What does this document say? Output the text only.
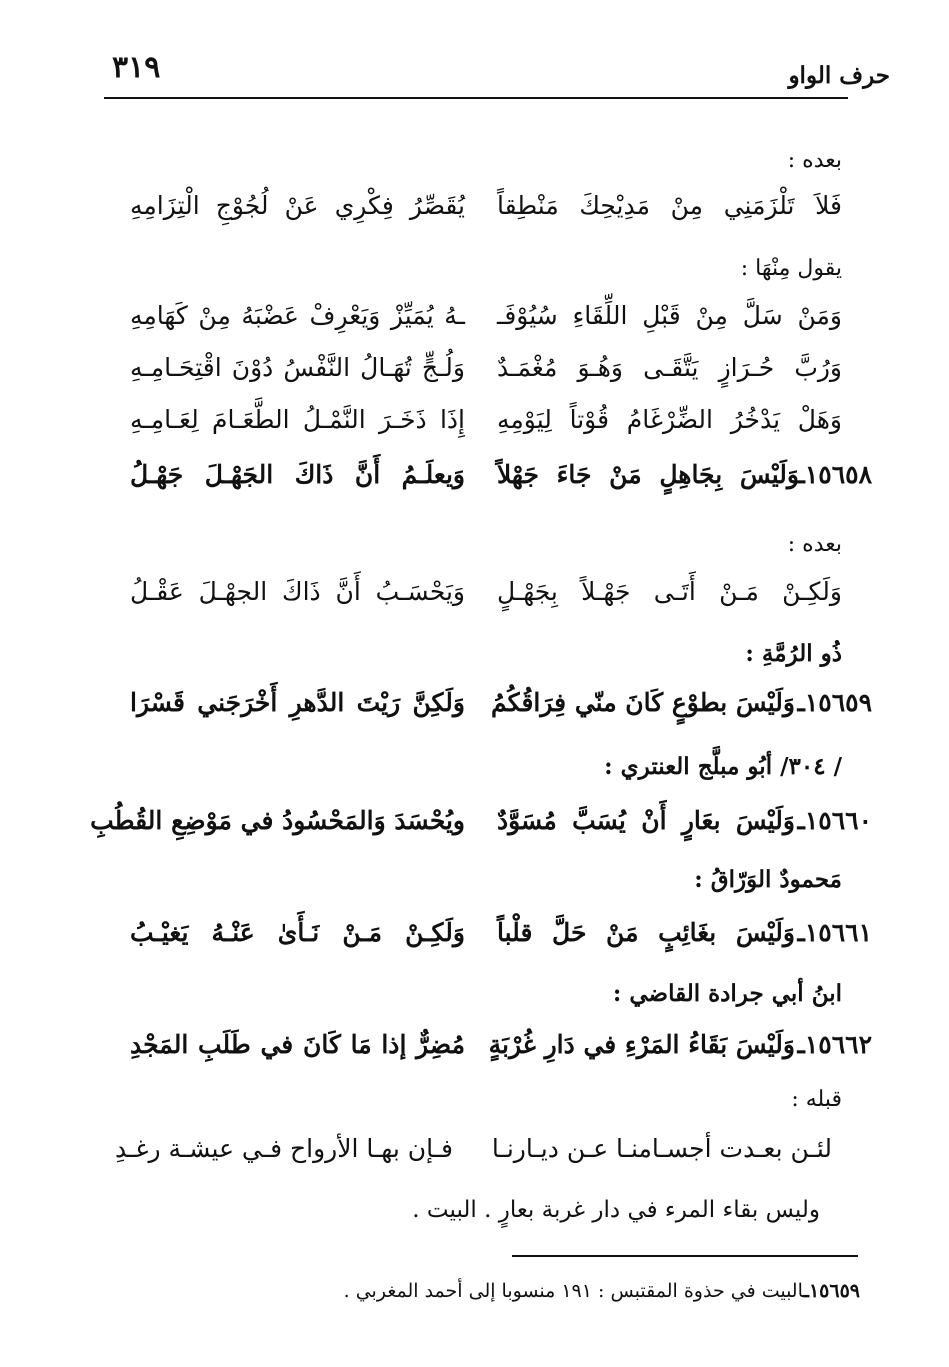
حرف الواو
٣١٩
بعده :
فَلاَ تَلْزَمَنِي مِنْ مَدِيْحِكَ مَنْطِقاً
يُقَصِّرُ فِكْرِي عَنْ لُجُوْجِ الْتِزَامِهِ
يقول مِنْهَا :
وَمَنْ سَلَّ مِنْ قَبْلِ اللِّقَاءِ سُيُوْفَـ
ـهُ يُمَيِّزْ وَيَعْرِفْ عَضْبَهُ مِنْ كَهَامِهِ
وَرُبَّ حُـرَازٍ يَتَّقَـى وَهُـوَ مُغْمَـدٌ
وَلُـجٍّ تُهَـالُ النَّفْسُ دُوْنَ اقْتِحَـامِـهِ
وَهَلْ يَدْخُرُ الضِّرْغَامُ قُوْتاً لِيَوْمِهِ
إِذَا ذَخَـرَ النَّمْـلُ الطَّعَـامَ لِعَـامِـهِ
١٥٦٥٨ـ
وَلَيْسَ بِجَاهِلٍ مَنْ جَاءَ جَهْلاً
وَيعلَـمُ أَنَّ ذَاكَ الجَهْـلَ جَهْـلُ
بعده :
وَلَكِـنْ مَـنْ أَتَـى جَهْـلاً بِجَهْـلٍ
وَيَحْسَـبُ أَنَّ ذَاكَ الجهْـلَ عَقْـلُ
ذُو الرُمَّةِ :
١٥٦٥٩ـ
وَلَيْسَ بطوْعٍ كَانَ منّي فِرَاقُكُمُ
وَلَكِنَّ رَيْتَ الدَّهرِ أَخْرَجَني قَسْرَا
/ ٣٠٤/ أبُو مبلَّج العنتري :
١٥٦٦٠ـ
وَلَيْسَ بعَارٍ أَنْ يُسَبَّ مُسَوَّدٌ
ويُحْسَدَ وَالمَحْسُودُ في مَوْضِعِ القُطُبِ
مَحمودٌ الوَرّاقُ :
١٥٦٦١ـ
وَلَيْسَ بغَائِبٍ مَنْ حَلَّ قلْباً
وَلَكِـنْ مَـنْ نَـأَىٰ عَنْـهُ يَغيْـبُ
ابنُ أبي جرادة القاضي :
١٥٦٦٢ـ
وَلَيْسَ بَقَاءُ المَرْءِ في دَارِ غُرْبَةٍ
مُضِرٌّ إذا مَا كَانَ في طَلَبِ المَجْدِ
قبله :
لئـن بعـدت أجسـامنـا عـن ديـارنـا
فـإن بهـا الأرواح فـي عيشـة رغـدِ
وليس بقاء المرء في دار غربة بعارٍ . البيت .
١٥٦٥٩ـالبيت في حذوة المقتبس : ١٩١ منسوبا إلى أحمد المغربي .
